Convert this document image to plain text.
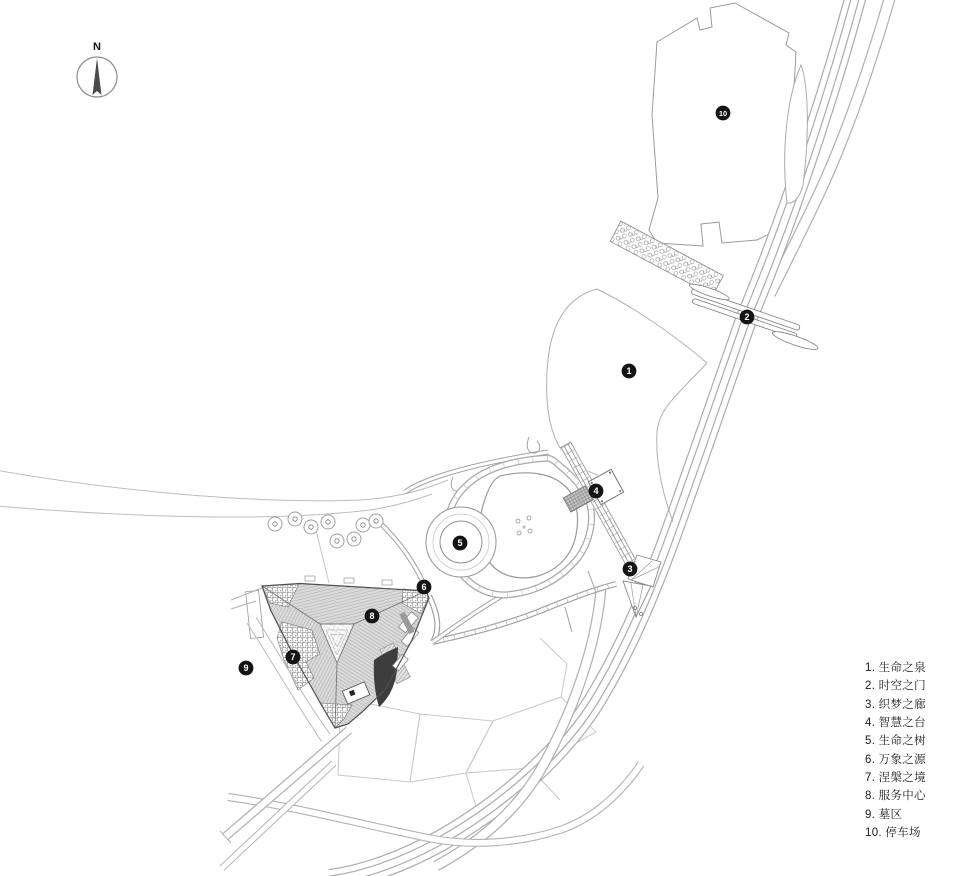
1
2
3
4
5
6
7
8
9
10
N
1. 生命之泉
2. 时空之门
3. 织梦之廊
4. 智慧之台
5. 生命之树
6. 万象之源
7. 涅槃之境
8. 服务中心
9. 墓区
10. 停车场
